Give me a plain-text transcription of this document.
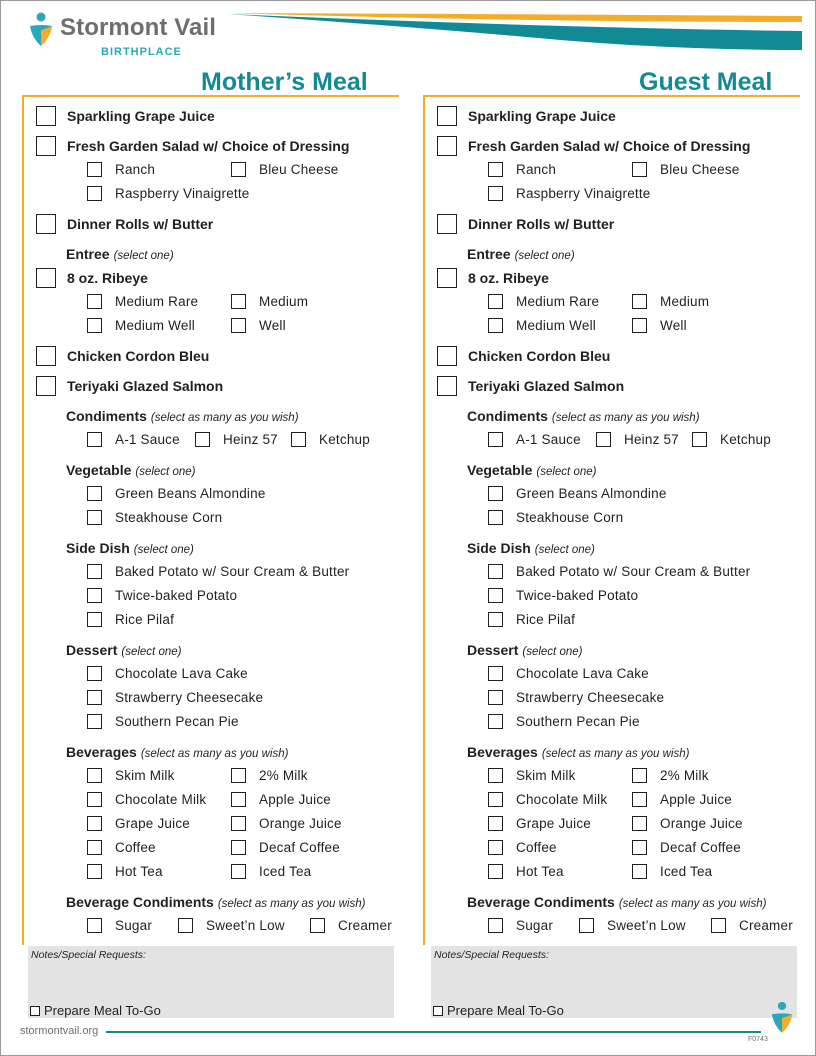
Stormont Vail
BIRTHPLACE
Mother’s Meal	Guest Meal
Sparkling Grape Juice
Fresh Garden Salad w/ Choice of Dressing
Ranch	Bleu Cheese
Raspberry Vinaigrette
Dinner Rolls w/ Butter
Entree (select one)
8 oz. Ribeye
Medium Rare	Medium
Medium Well	Well
Chicken Cordon Bleu
Teriyaki Glazed Salmon
Condiments (select as many as you wish)
A-1 Sauce	Heinz 57	Ketchup
Vegetable (select one)
Green Beans Almondine
Steakhouse Corn
Side Dish (select one)
Baked Potato w/ Sour Cream & Butter
Twice-baked Potato
Rice Pilaf
Dessert (select one)
Chocolate Lava Cake
Strawberry Cheesecake
Southern Pecan Pie
Beverages (select as many as you wish)
Skim Milk	2% Milk
Chocolate Milk	Apple Juice
Grape Juice	Orange Juice
Coffee	Decaf Coffee
Hot Tea	Iced Tea
Beverage Condiments (select as many as you wish)
Sugar	Sweet’n Low	Creamer
Notes/Special Requests:
Prepare Meal To-Go
Sparkling Grape Juice
Fresh Garden Salad w/ Choice of Dressing
Ranch	Bleu Cheese
Raspberry Vinaigrette
Dinner Rolls w/ Butter
Entree (select one)
8 oz. Ribeye
Medium Rare	Medium
Medium Well	Well
Chicken Cordon Bleu
Teriyaki Glazed Salmon
Condiments (select as many as you wish)
A-1 Sauce	Heinz 57	Ketchup
Vegetable (select one)
Green Beans Almondine
Steakhouse Corn
Side Dish (select one)
Baked Potato w/ Sour Cream & Butter
Twice-baked Potato
Rice Pilaf
Dessert (select one)
Chocolate Lava Cake
Strawberry Cheesecake
Southern Pecan Pie
Beverages (select as many as you wish)
Skim Milk	2% Milk
Chocolate Milk	Apple Juice
Grape Juice	Orange Juice
Coffee	Decaf Coffee
Hot Tea	Iced Tea
Beverage Condiments (select as many as you wish)
Sugar	Sweet’n Low	Creamer
Notes/Special Requests:
Prepare Meal To-Go
stormontvail.org
F0743
